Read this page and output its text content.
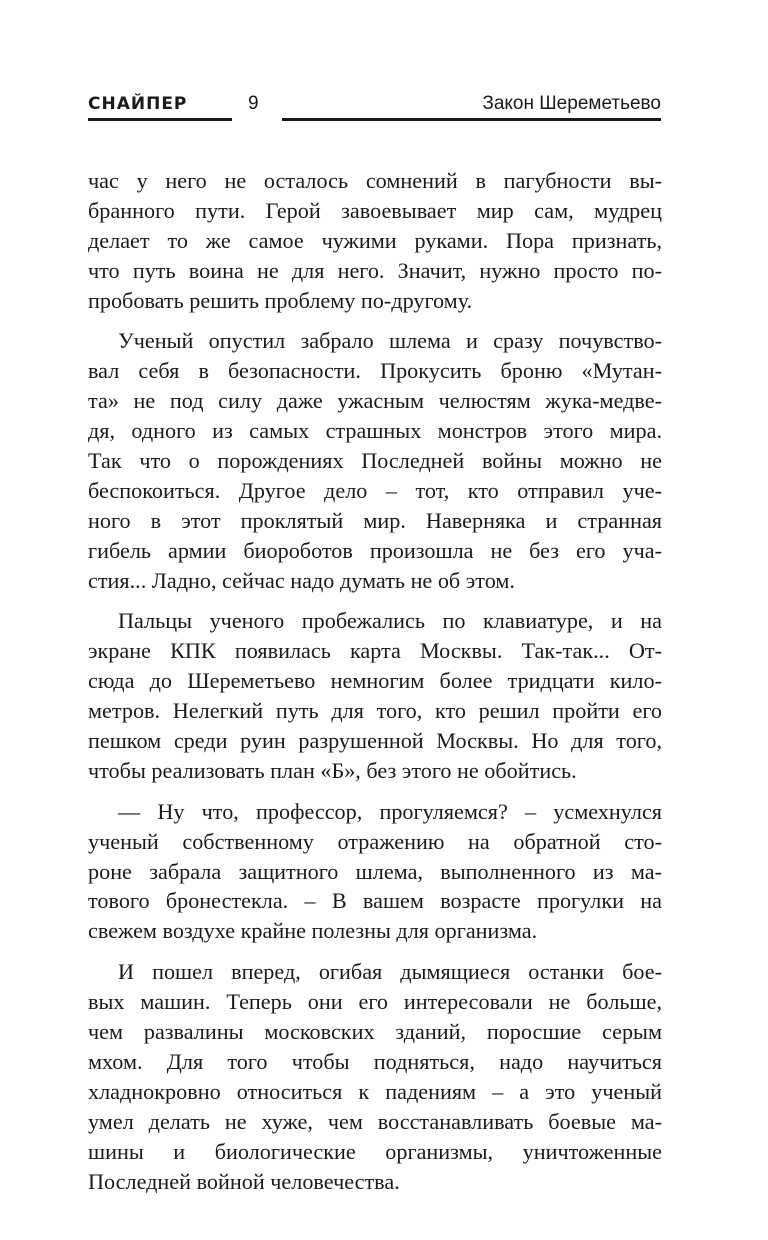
СНАЙПЕР	9	Закон Шереметьево
час у него не осталось сомнений в пагубности вы-
бранного пути. Герой завоевывает мир сам, мудрец
делает то же самое чужими руками. Пора признать,
что путь воина не для него. Значит, нужно просто по-
пробовать решить проблему по-другому.
Ученый опустил забрало шлема и сразу почувство-
вал себя в безопасности. Прокусить броню «Мутан-
та» не под силу даже ужасным челюстям жука-медве-
дя, одного из самых страшных монстров этого мира.
Так что о порождениях Последней войны можно не
беспокоиться. Другое дело – тот, кто отправил уче-
ного в этот проклятый мир. Наверняка и странная
гибель армии биороботов произошла не без его уча-
стия... Ладно, сейчас надо думать не об этом.
Пальцы ученого пробежались по клавиатуре, и на
экране КПК появилась карта Москвы. Так-так... От-
сюда до Шереметьево немногим более тридцати кило-
метров. Нелегкий путь для того, кто решил пройти его
пешком среди руин разрушенной Москвы. Но для того,
чтобы реализовать план «Б», без этого не обойтись.
— Ну что, профессор, прогуляемся? – усмехнулся
ученый собственному отражению на обратной сто-
роне забрала защитного шлема, выполненного из ма-
тового бронестекла. – В вашем возрасте прогулки на
свежем воздухе крайне полезны для организма.
И пошел вперед, огибая дымящиеся останки бое-
вых машин. Теперь они его интересовали не больше,
чем развалины московских зданий, поросшие серым
мхом. Для того чтобы подняться, надо научиться
хладнокровно относиться к падениям – а это ученый
умел делать не хуже, чем восстанавливать боевые ма-
шины и биологические организмы, уничтоженные
Последней войной человечества.
